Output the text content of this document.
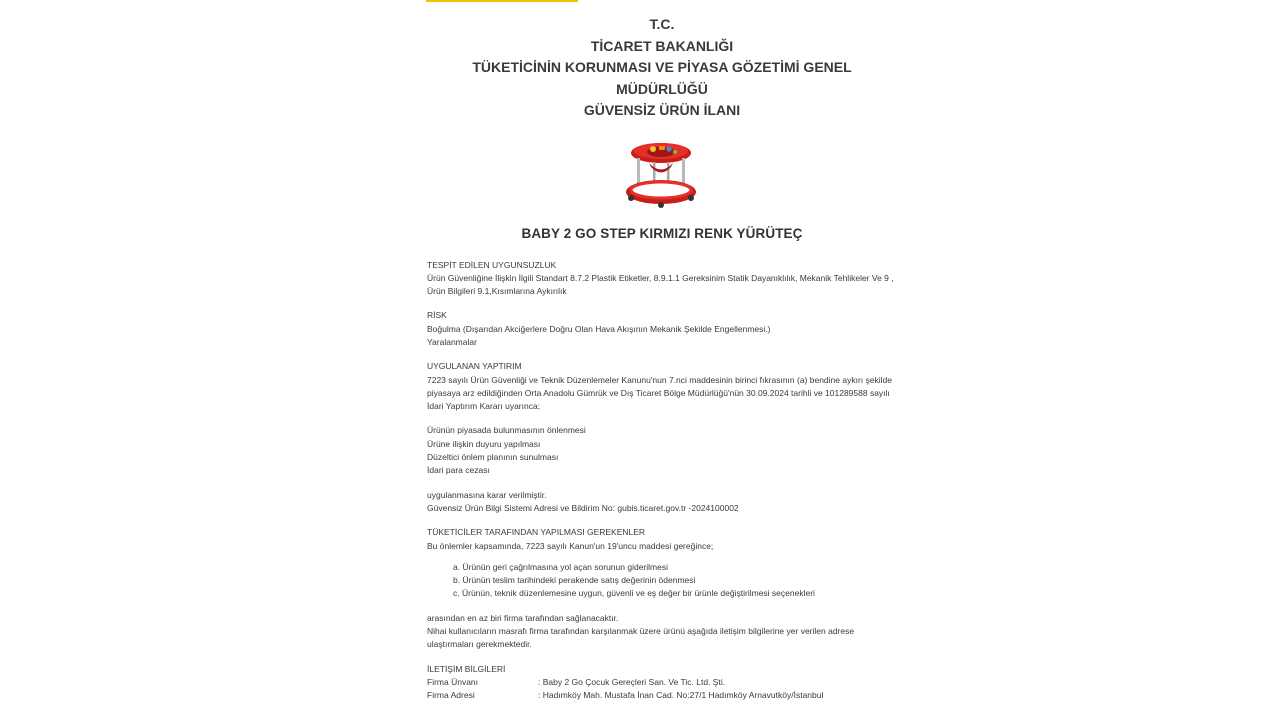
T.C.
TİCARET BAKANLIĞI
TÜKETİCİNİN KORUNMASI VE PİYASA GÖZETİMİ GENEL MÜDÜRLÜĞÜ
GÜVENSİZ ÜRÜN İLANI
BABY 2 GO STEP KIRMIZI RENK YÜRÜTEÇ

TESPİT EDİLEN UYGUNSUZLUK

Ürün Güvenliğine İlişkin İlgili Standart 8.7.2 Plastik Etiketler, 8.9.1.1 Gereksinim Statik Dayanıklılık, Mekanik Tehlikeler Ve 9 , Ürün Bilgileri 9.1,Kısımlarına Aykırılık

RİSK

Boğulma (Dışarıdan Akciğerlere Doğru Olan Hava Akışının Mekanik Şekilde Engellenmesi.)

Yaralanmalar

UYGULANAN YAPTIRIM

7223 sayılı Ürün Güvenliği ve Teknik Düzenlemeler Kanunu'nun 7.nci maddesinin birinci fıkrasının (a) bendine aykırı şekilde piyasaya arz edildiğinden Orta Anadolu Gümrük ve Dış Ticaret Bölge Müdürlüğü'nün 30.09.2024 tarihli ve 101289588 sayılı İdari Yaptırım Kararı uyarınca;

Ürünün piyasada bulunmasının önlenmesi

Ürüne ilişkin duyuru yapılması

Düzeltici önlem planının sunulması

İdari para cezası

uygulanmasına karar verilmiştir.

Güvensiz Ürün Bilgi Sistemi Adresi ve Bildirim No: gubis.ticaret.gov.tr -2024100002

TÜKETİCİLER TARAFINDAN YAPILMASI GEREKENLER

Bu önlemler kapsamında, 7223 sayılı Kanun'un 19'uncu maddesi gereğince;

a. Ürünün geri çağrılmasına yol açan sorunun giderilmesi
b. Ürünün teslim tarihindeki perakende satış değerinin ödenmesi
c. Ürünün, teknik düzenlemesine uygun, güvenli ve eş değer bir ürünle değiştirilmesi seçenekleri

arasından en az biri firma tarafından sağlanacaktır.

Nihai kullanıcıların masrafı firma tarafından karşılanmak üzere ürünü aşağıda iletişim bilgilerine yer verilen adrese ulaştırmaları gerekmektedir.

İLETİŞİM BİLGİLERİ

Firma Ünvanı	: Baby 2 Go Çocuk Gereçleri San. Ve Tic. Ltd. Şti.
Firma Adresi	: Hadımköy Mah. Mustafa İnan Cad. No:27/1 Hadımköy Arnavutköy/İstanbul
